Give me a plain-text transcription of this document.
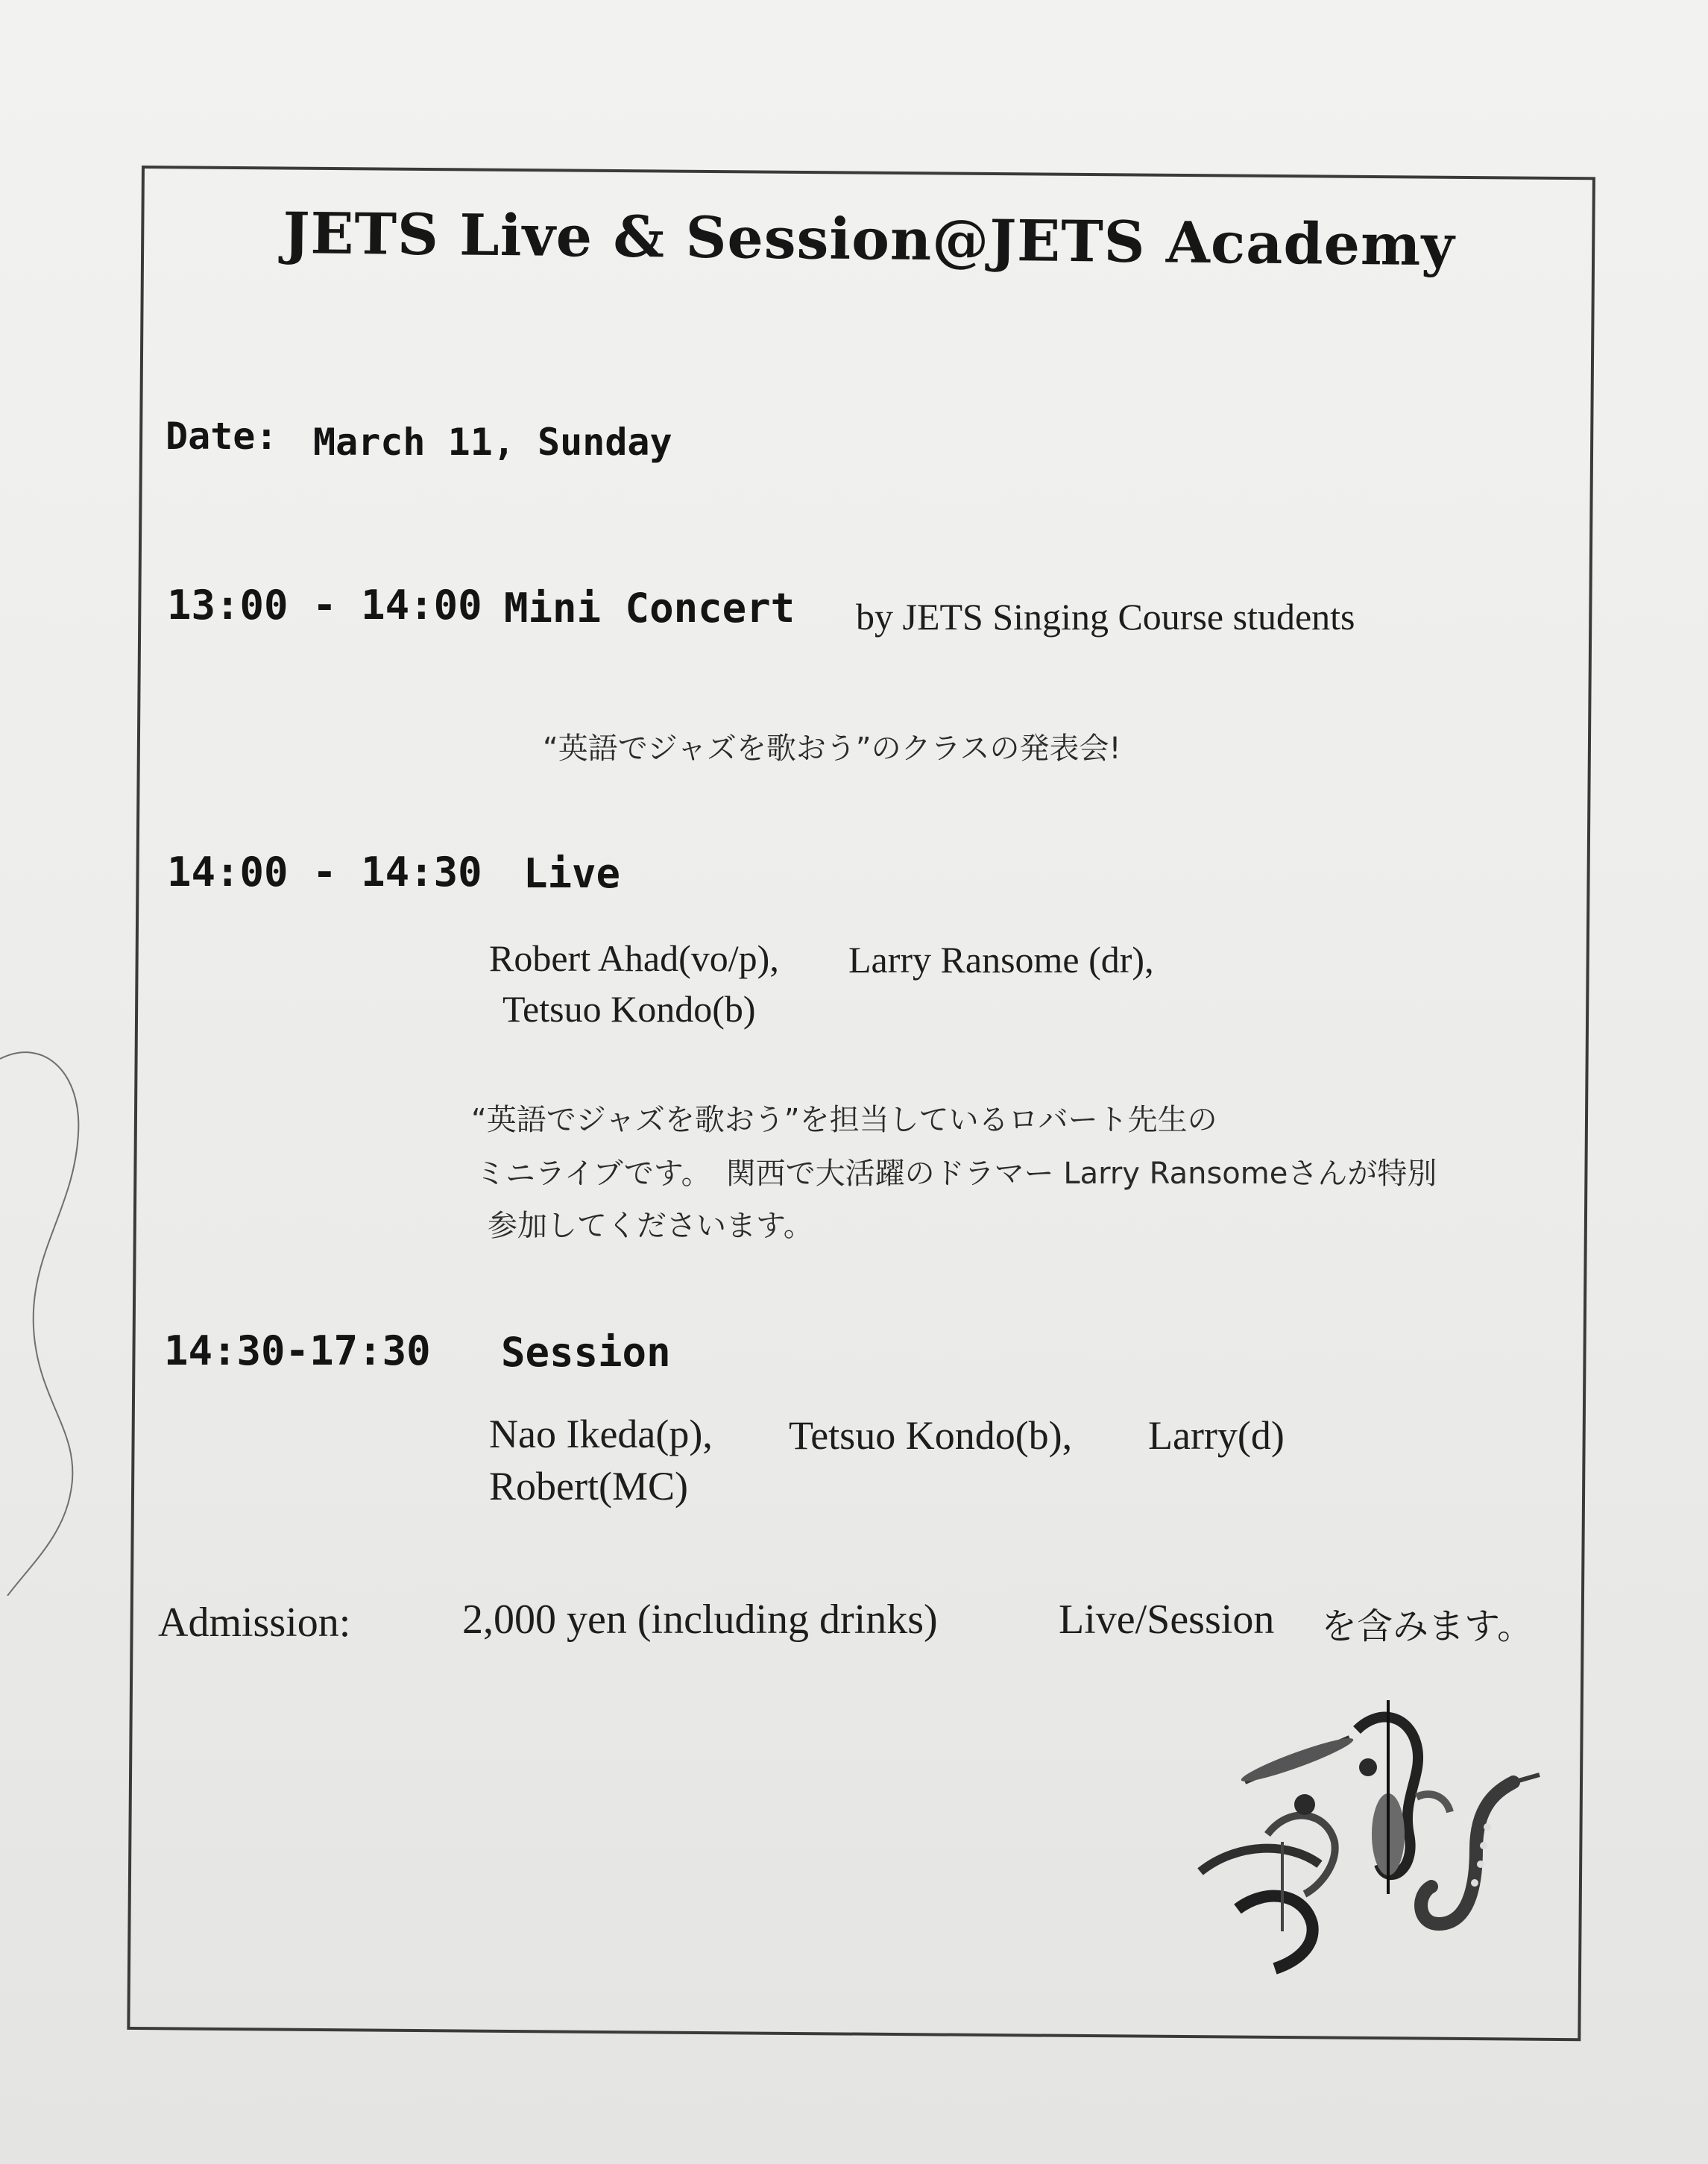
JETS Live & Session@JETS Academy
Date: March 11, Sunday
13:00 - 14:00 Mini Concert by JETS Singing Course students
“英語でジャズを歌おう”のクラスの発表会!
14:00 - 14:30 Live
Robert Ahad(vo/p), Larry Ransome (dr),
Tetsuo Kondo(b)
“英語でジャズを歌おう”を担当しているロバート先生の
ミニライブです。　関西で大活躍のドラマー Larry Ransomeさんが特別
参加してくださいます。
14:30-17:30 Session
Nao Ikeda(p), Tetsuo Kondo(b), Larry(d)
Robert(MC)
Admission:	2,000 yen (including drinks)	Live/Session を含みます。
